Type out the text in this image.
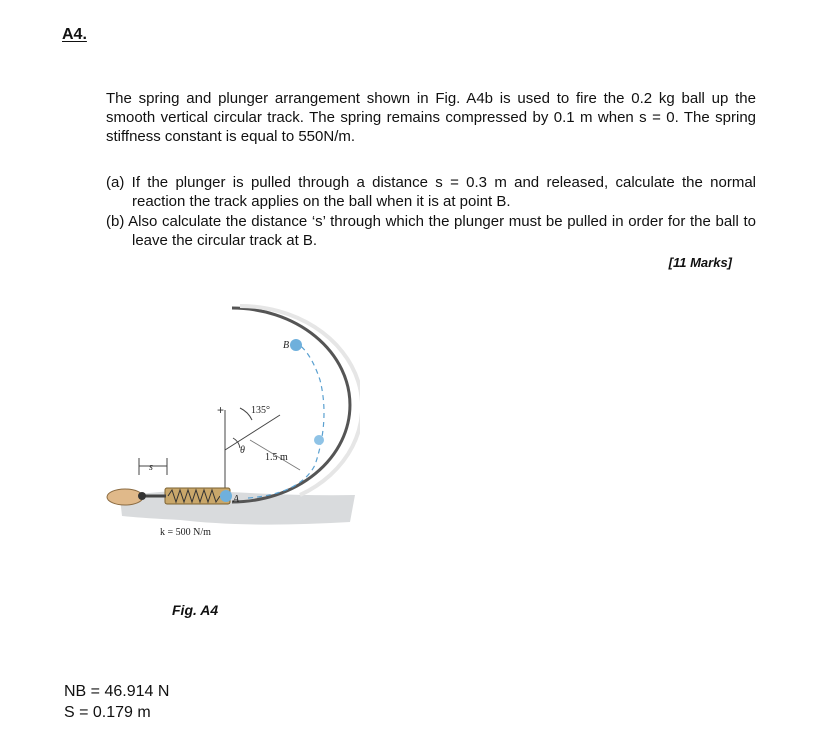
A4.

The spring and plunger arrangement shown in Fig. A4b is used to fire the 0.2 kg ball up the smooth vertical circular track. The spring remains compressed by 0.1 m when s = 0. The spring stiffness constant is equal to 550N/m.

(a) If the plunger is pulled through a distance s = 0.3 m and released, calculate the normal reaction the track applies on the ball when it is at point B.

(b) Also calculate the distance ‘s’ through which the plunger must be pulled in order for the ball to leave the circular track at B.

[11 Marks]
+	135°
θ
1.5 m
B
A
s
k = 500 N/m
Fig. A4
NB = 46.914 N
S = 0.179 m
